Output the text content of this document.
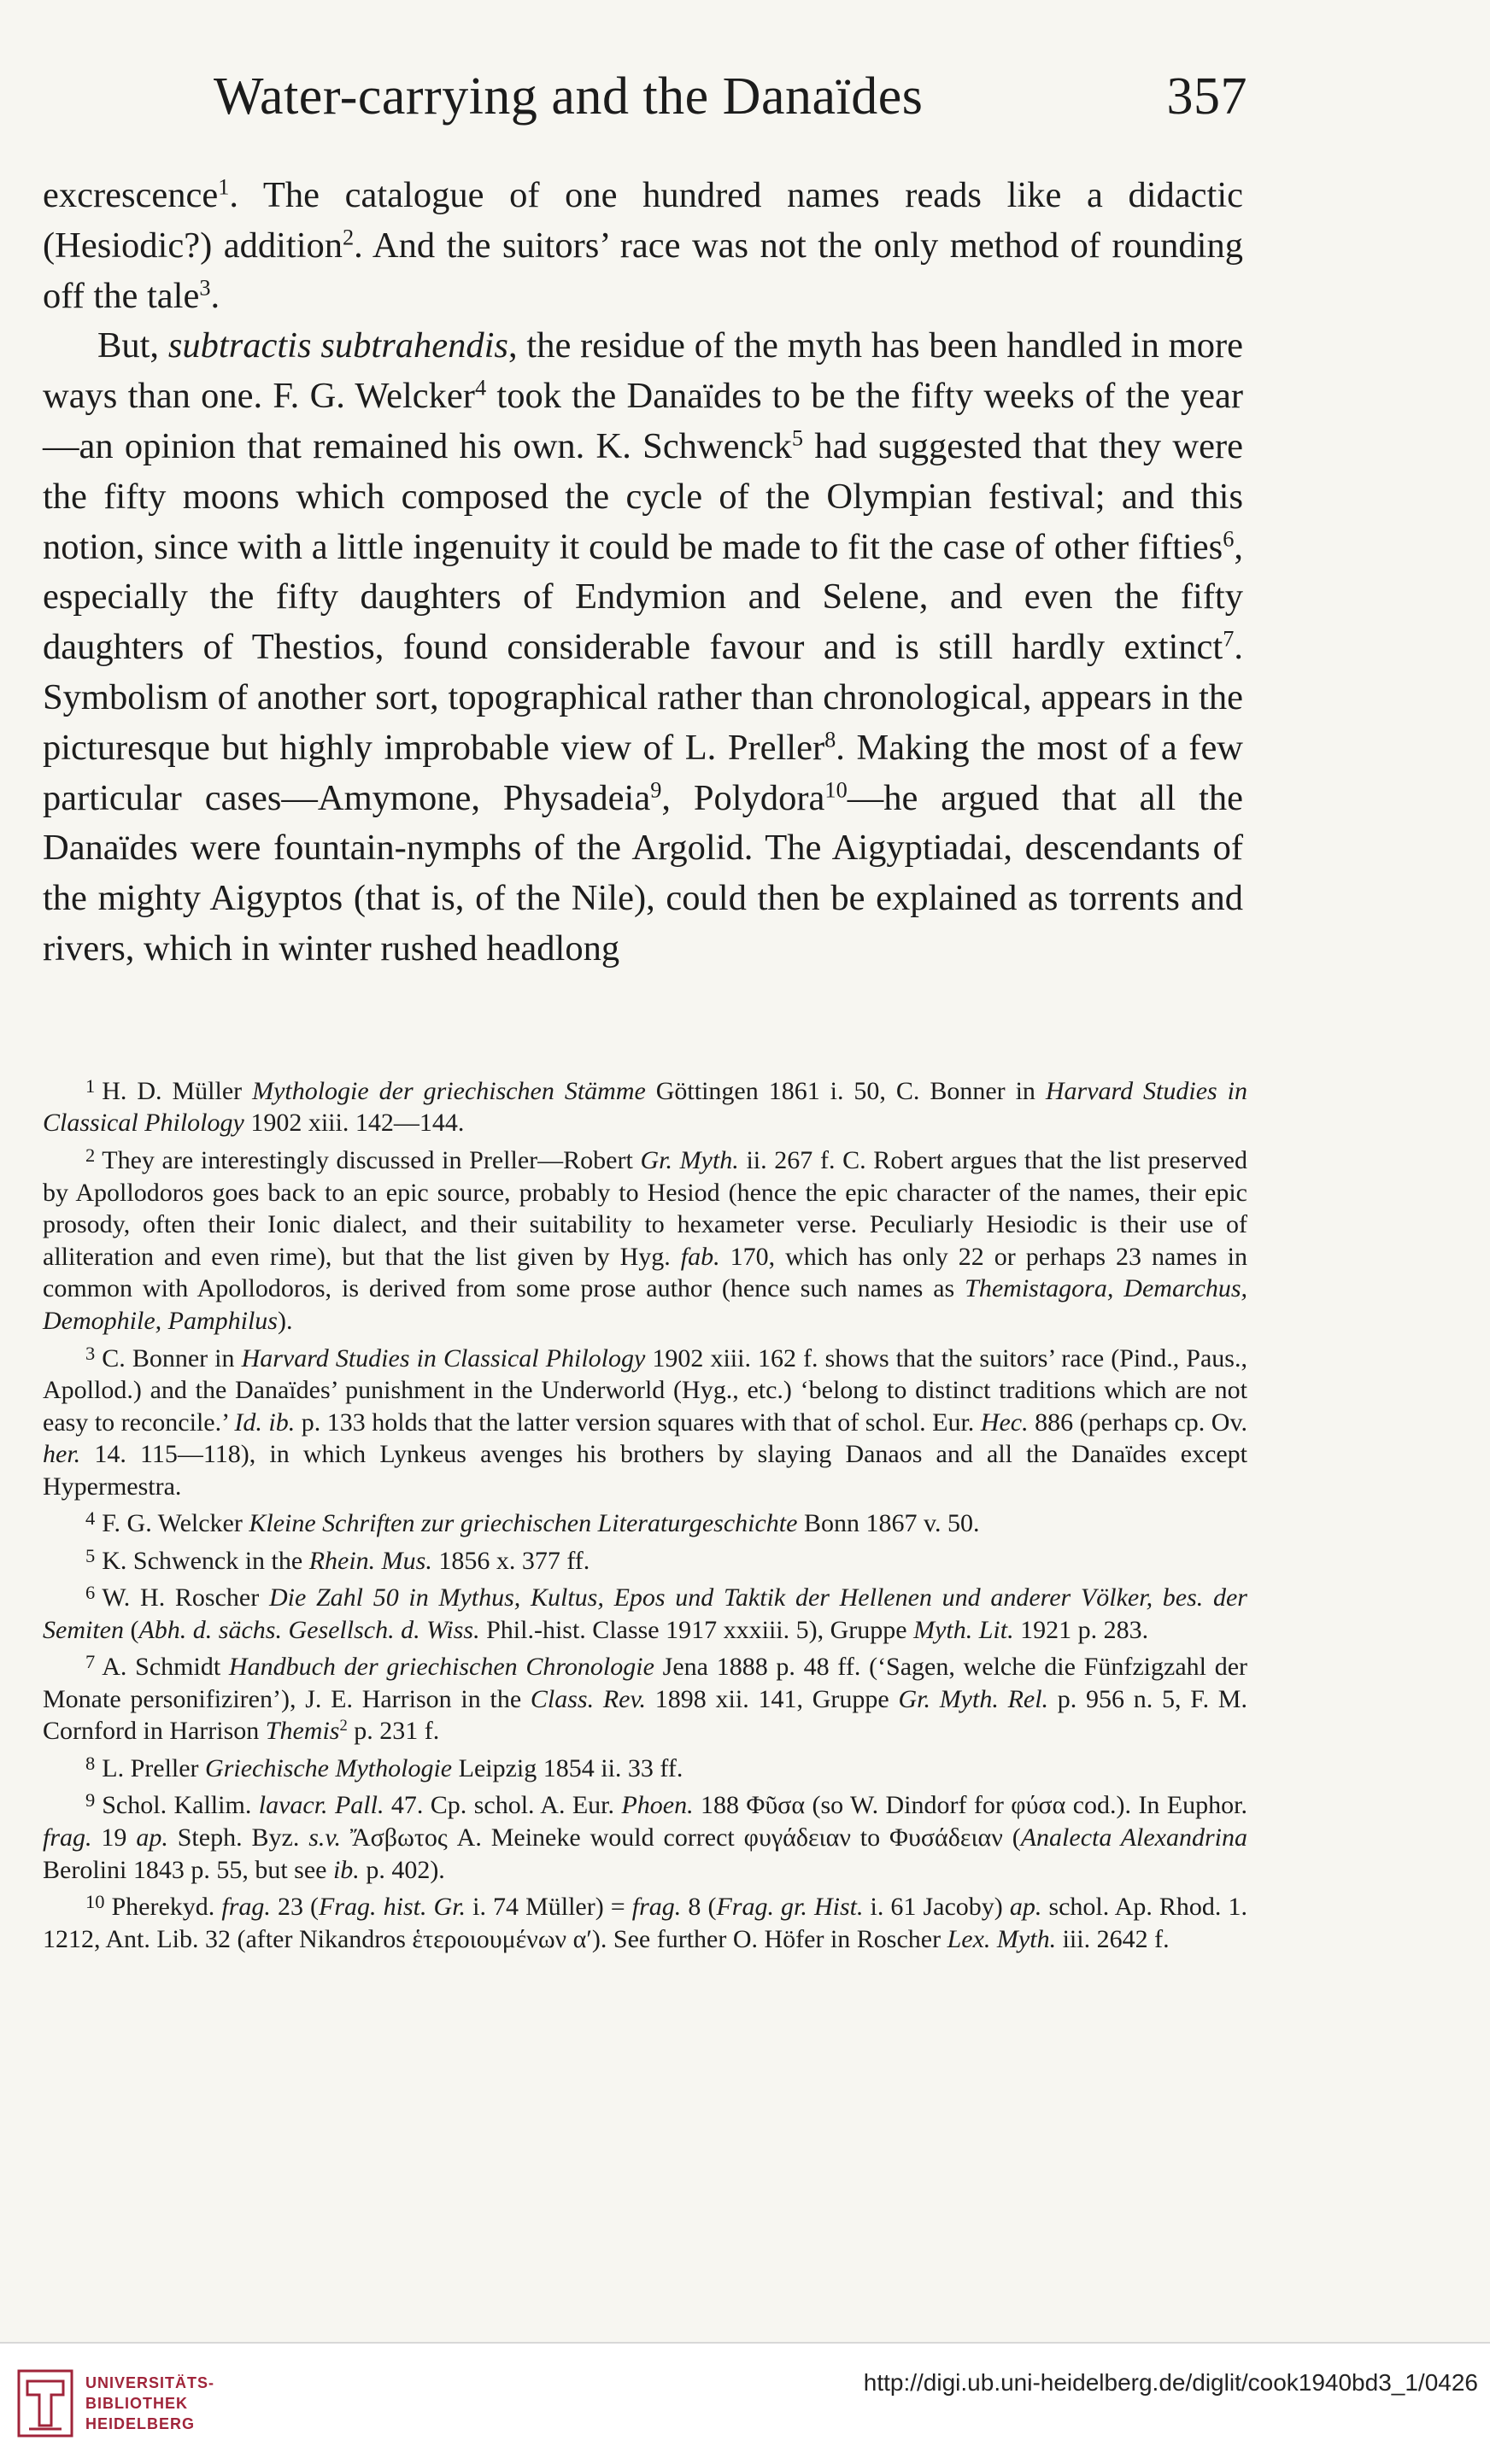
Water-carrying and the Danaïdes	357

excrescence$^1$. The catalogue of one hundred names reads like a didactic (Hesiodic?) addition$^2$. And the suitors’ race was not the only method of rounding off the tale$^3$.

But, subtractis subtrahendis, the residue of the myth has been handled in more ways than one. F. G. Welcker$^4$ took the Danaïdes to be the fifty weeks of the year—an opinion that remained his own. K. Schwenck$^5$ had suggested that they were the fifty moons which composed the cycle of the Olympian festival; and this notion, since with a little ingenuity it could be made to fit the case of other fifties$^6$, especially the fifty daughters of Endymion and Selene, and even the fifty daughters of Thestios, found considerable favour and is still hardly extinct$^7$. Symbolism of another sort, topographical rather than chronological, appears in the picturesque but highly improbable view of L. Preller$^8$. Making the most of a few particular cases—Amymone, Physadeia$^9$, Polydora$^{10}$—he argued that all the Danaïdes were fountain-nymphs of the Argolid. The Aigyptiadai, descendants of the mighty Aigyptos (that is, of the Nile), could then be explained as torrents and rivers, which in winter rushed headlong

$^1$ H. D. Müller Mythologie der griechischen Stämme Göttingen 1861 i. 50, C. Bonner in Harvard Studies in Classical Philology 1902 xiii. 142—144.

$^2$ They are interestingly discussed in Preller—Robert Gr. Myth. ii. 267 f. C. Robert argues that the list preserved by Apollodoros goes back to an epic source, probably to Hesiod (hence the epic character of the names, their epic prosody, often their Ionic dialect, and their suitability to hexameter verse. Peculiarly Hesiodic is their use of alliteration and even rime), but that the list given by Hyg. fab. 170, which has only 22 or perhaps 23 names in common with Apollodoros, is derived from some prose author (hence such names as Themistagora, Demarchus, Demophile, Pamphilus).

$^3$ C. Bonner in Harvard Studies in Classical Philology 1902 xiii. 162 f. shows that the suitors’ race (Pind., Paus., Apollod.) and the Danaïdes’ punishment in the Underworld (Hyg., etc.) ‘belong to distinct traditions which are not easy to reconcile.’ Id. ib. p. 133 holds that the latter version squares with that of schol. Eur. Hec. 886 (perhaps cp. Ov. her. 14. 115—118), in which Lynkeus avenges his brothers by slaying Danaos and all the Danaïdes except Hypermestra.

$^4$ F. G. Welcker Kleine Schriften zur griechischen Literaturgeschichte Bonn 1867 v. 50.

$^5$ K. Schwenck in the Rhein. Mus. 1856 x. 377 ff.

$^6$ W. H. Roscher Die Zahl 50 in Mythus, Kultus, Epos und Taktik der Hellenen und anderer Völker, bes. der Semiten (Abh. d. sächs. Gesellsch. d. Wiss. Phil.-hist. Classe 1917 xxxiii. 5), Gruppe Myth. Lit. 1921 p. 283.

$^7$ A. Schmidt Handbuch der griechischen Chronologie Jena 1888 p. 48 ff. (‘Sagen, welche die Fünfzigzahl der Monate personifiziren’), J. E. Harrison in the Class. Rev. 1898 xii. 141, Gruppe Gr. Myth. Rel. p. 956 n. 5, F. M. Cornford in Harrison Themis$^2$ p. 231 f.

$^8$ L. Preller Griechische Mythologie Leipzig 1854 ii. 33 ff.

$^9$ Schol. Kallim. lavacr. Pall. 47. Cp. schol. A. Eur. Phoen. 188 Φῦσα (so W. Dindorf for φύσα cod.). In Euphor. frag. 19 ap. Steph. Byz. s.v. Ἄσβωτος A. Meineke would correct φυγάδειαν to Φυσάδειαν (Analecta Alexandrina Berolini 1843 p. 55, but see ib. p. 402).

$^{10}$ Pherekyd. frag. 23 (Frag. hist. Gr. i. 74 Müller) = frag. 8 (Frag. gr. Hist. i. 61 Jacoby) ap. schol. Ap. Rhod. 1. 1212, Ant. Lib. 32 (after Nikandros ἑτεροιουμένων α′). See further O. Höfer in Roscher Lex. Myth. iii. 2642 f.

UNIVERSITÄTS-
BIBLIOTHEK
HEIDELBERG
http://digi.ub.uni-heidelberg.de/diglit/cook1940bd3_1/0426
